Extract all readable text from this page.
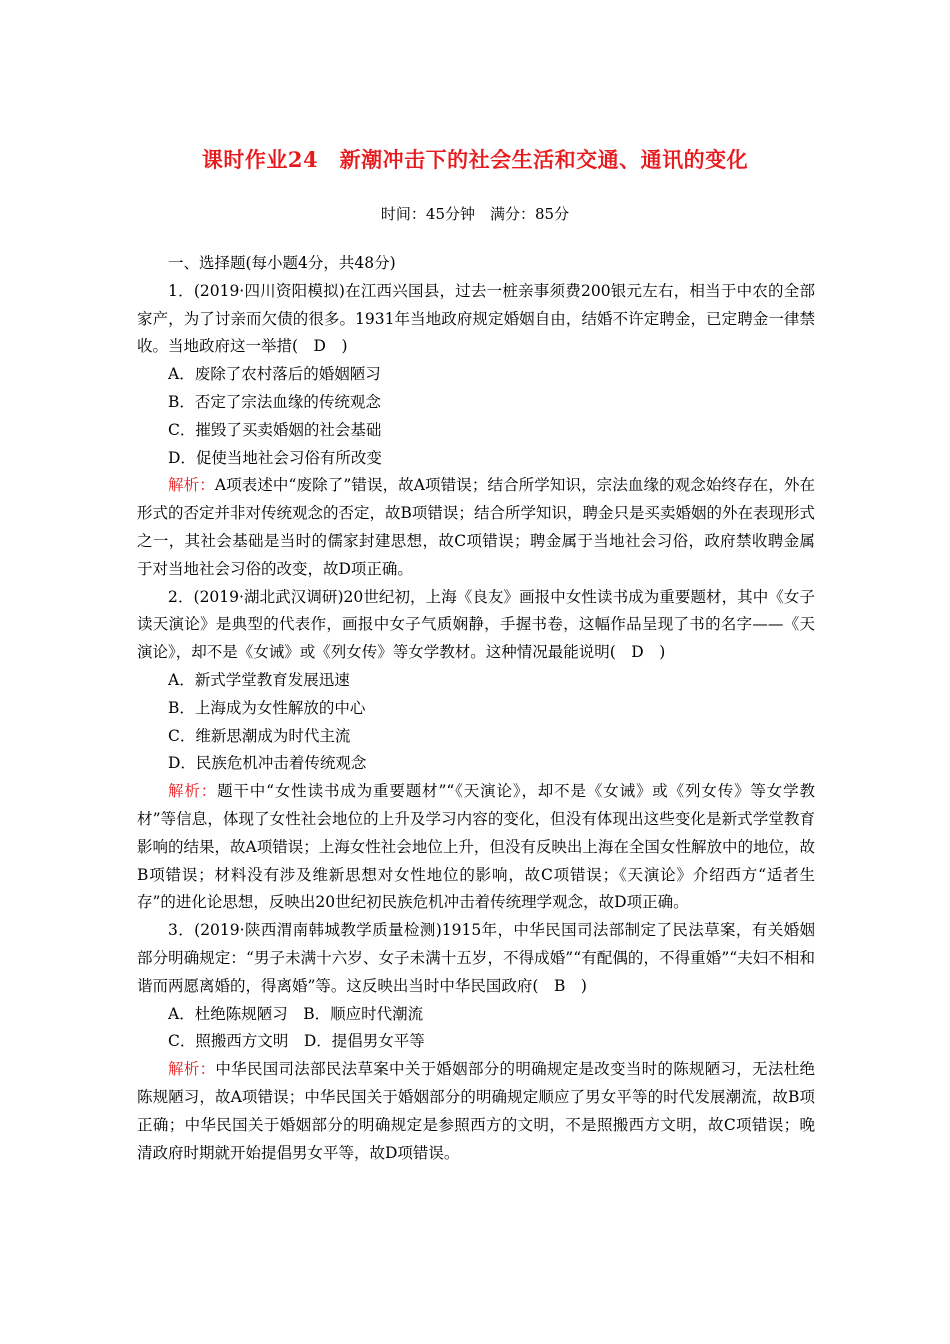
课时作业24　新潮冲击下的社会生活和交通、通讯的变化
时间：45分钟　满分：85分

一、选择题(每小题4分，共48分)

1．(2019·四川资阳模拟)在江西兴国县，过去一桩亲事须费200银元左右，相当于中农的全部家产，为了讨亲而欠债的很多。1931年当地政府规定婚姻自由，结婚不许定聘金，已定聘金一律禁收。当地政府这一举措(　D　)

A．废除了农村落后的婚姻陋习

B．否定了宗法血缘的传统观念

C．摧毁了买卖婚姻的社会基础

D．促使当地社会习俗有所改变

解析：A项表述中“废除了”错误，故A项错误；结合所学知识，宗法血缘的观念始终存在，外在形式的否定并非对传统观念的否定，故B项错误；结合所学知识，聘金只是买卖婚姻的外在表现形式之一，其社会基础是当时的儒家封建思想，故C项错误；聘金属于当地社会习俗，政府禁收聘金属于对当地社会习俗的改变，故D项正确。

2．(2019·湖北武汉调研)20世纪初，上海《良友》画报中女性读书成为重要题材，其中《女子读天演论》是典型的代表作，画报中女子气质娴静，手握书卷，这幅作品呈现了书的名字——《天演论》，却不是《女诫》或《列女传》等女学教材。这种情况最能说明(　D　)

A．新式学堂教育发展迅速

B．上海成为女性解放的中心

C．维新思潮成为时代主流

D．民族危机冲击着传统观念

解析：题干中“女性读书成为重要题材”“《天演论》，却不是《女诫》或《列女传》等女学教材”等信息，体现了女性社会地位的上升及学习内容的变化，但没有体现出这些变化是新式学堂教育影响的结果，故A项错误；上海女性社会地位上升，但没有反映出上海在全国女性解放中的地位，故B项错误；材料没有涉及维新思想对女性地位的影响，故C项错误；《天演论》介绍西方“适者生存”的进化论思想，反映出20世纪初民族危机冲击着传统理学观念，故D项正确。

3．(2019·陕西渭南韩城教学质量检测)1915年，中华民国司法部制定了民法草案，有关婚姻部分明确规定：“男子未满十六岁、女子未满十五岁，不得成婚”“有配偶的，不得重婚”“夫妇不相和谐而两愿离婚的，得离婚”等。这反映出当时中华民国政府(　B　)

A．杜绝陈规陋习　B．顺应时代潮流

C．照搬西方文明　D．提倡男女平等

解析：中华民国司法部民法草案中关于婚姻部分的明确规定是改变当时的陈规陋习，无法杜绝陈规陋习，故A项错误；中华民国关于婚姻部分的明确规定顺应了男女平等的时代发展潮流，故B项正确；中华民国关于婚姻部分的明确规定是参照西方的文明，不是照搬西方文明，故C项错误；晚清政府时期就开始提倡男女平等，故D项错误。
